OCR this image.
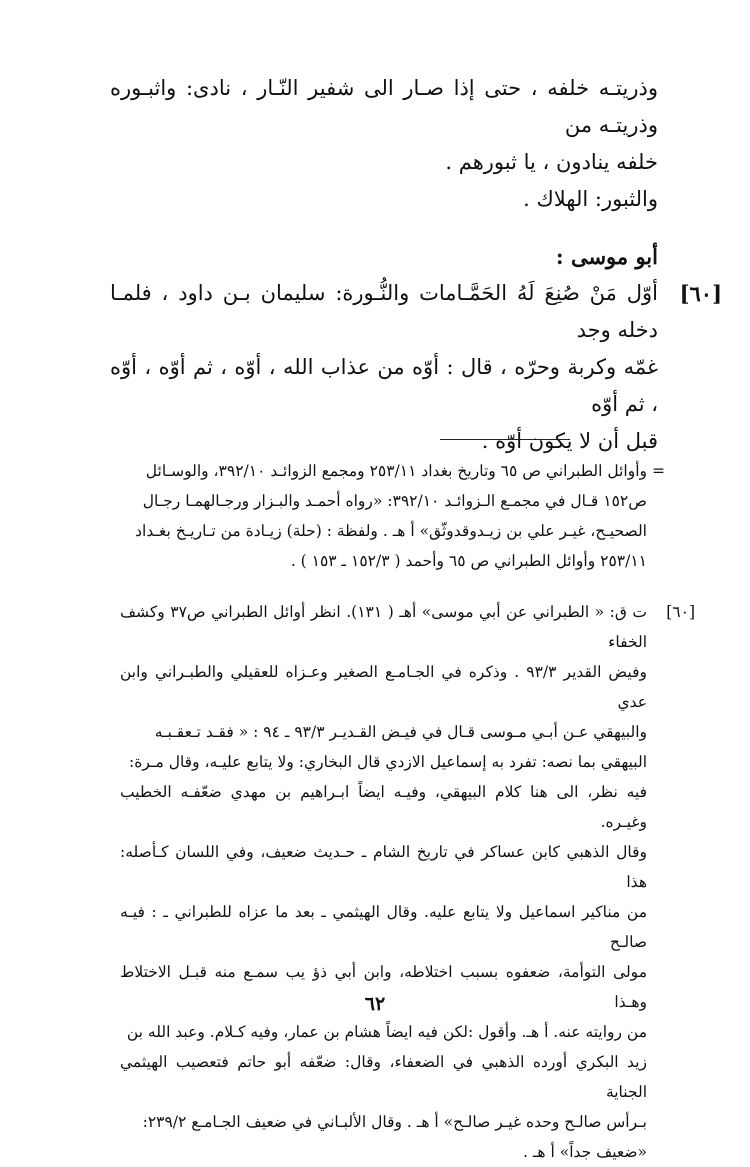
وذريتـه خلفه ، حتى إذا صـار الى شفير النّـار ، نادى: واثبـوره وذريتـه من

خلفه ينادون ، يا ثبورهم .

والثبور: الهلاك .

أبو موسى :

[٦٠]

أوّل مَنْ صُنِعَ لَهُ الحَمَّـامات والنُّـورة: سليمان بـن داود ، فلمـا دخله وجد

غمّه وكربة وحرّه ، قال : أوّه من عذاب الله ، أوّه ، ثم أوّه ، أوّه ، ثم أوّه

قبل أن لا يكون أوّه .

=

وأوائل الطبراني ص ٦٥ وتاريخ بغداد ٢٥٣/١١ ومجمع الزوائـد ٣٩٢/١٠، والوسـائل

ص١٥٢ قـال في مجمـع الـزوائـد ٣٩٢/١٠: «رواه أحمـد والبـزار ورجـالهمـا رجـال

الصحيـح، غيـر علي بن زيـدوقدوثّق» أ هـ . ولفظة : (حلة) زيـادة من تـاريـخ بغـداد

٢٥٣/١١ وأوائل الطبراني ص ٦٥ وأحمد ( ١٥٢/٣ ـ ١٥٣ ) .

[٦٠]

ت ق: « الطبراني عن أبي موسى» أهـ ( ١٣١). انظر أوائل الطبراني ص٣٧ وكشف الخفاء

وفيض القدير ٩٣/٣ . وذكره في الجـامـع الصغير وعـزاه للعقيلي والطبـراني وابن عدي

والبيهقي عـن أبـي مـوسى قـال في فيـض القـديـر ٩٣/٣ ـ ٩٤ : « فقـد تـعقـبـه

البيهقي بما نصه: تفرد به إسماعيل الازدي قال البخاري: ولا يتابع عليـه، وقال مـرة:

فيه نظر، الى هنا كلام البيهقي، وفيـه ايضاً ابـراهيم بن مهدي ضعّفـه الخطيب وغيـره.

وقال الذهبي كابن عساكر في تاريخ الشام ـ حـديث ضعيف، وفي اللسان كـأصله: هذا

من مناكير اسماعيل ولا يتابع عليه. وقال الهيثمي ـ بعد ما عزاه للطبراني ـ : فيـه صالـح

مولى التوأمة، ضعفوه بسبب اختلاطه، وابن أبي ذؤ يب سمـع منه قبـل الاختلاط وهـذا

من روايته عنه. أ هـ. وأقول :لكن فيه ايضاً هشام بن عمار، وفيه كـلام. وعبد الله بن

زيد البكري أورده الذهبي في الضعفاء، وقال: ضعّفه أبو حاتم فتعصيب الهيثمي الجناية

بـرأس صالـح وحده غيـر صالـح» أ هـ . وقال الألبـاني في ضعيف الجـامـع ٢٣٩/٢:

«ضعيف جداً» أ هـ .

٦٢
